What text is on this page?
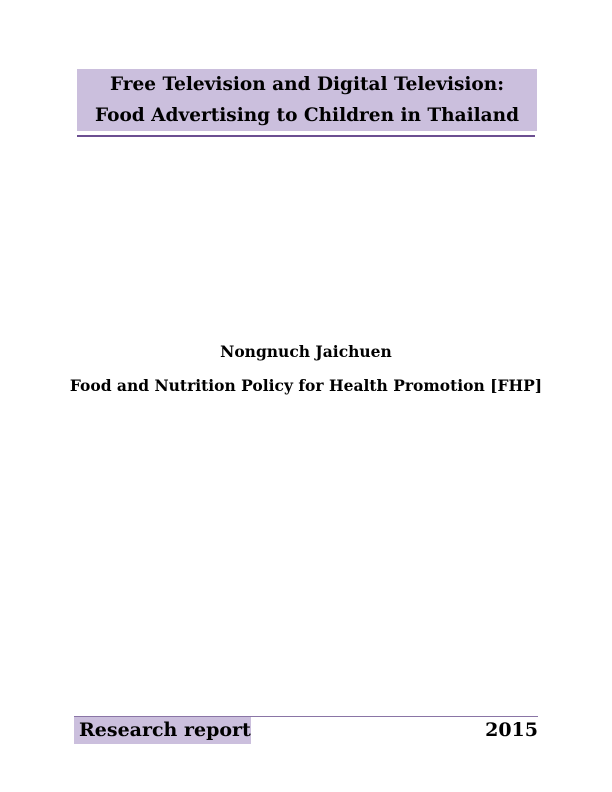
Free Television and Digital Television:
Food Advertising to Children in Thailand
Nongnuch Jaichuen
Food and Nutrition Policy for Health Promotion [FHP]
Research report	2015
